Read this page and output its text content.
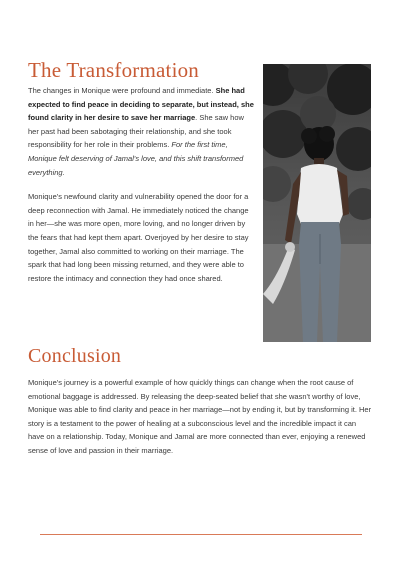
The Transformation

The changes in Monique were profound and immediate. She had expected to find peace in deciding to separate, but instead, she found clarity in her desire to save her marriage. She saw how her past had been sabotaging their relationship, and she took responsibility for her role in their problems. For the first time, Monique felt deserving of Jamal's love, and this shift transformed everything.

Monique's newfound clarity and vulnerability opened the door for a deep reconnection with Jamal. He immediately noticed the change in her—she was more open, more loving, and no longer driven by the fears that had kept them apart. Overjoyed by her desire to stay together, Jamal also committed to working on their marriage. The spark that had long been missing returned, and they were able to restore the intimacy and connection they had once shared.

Conclusion

Monique's journey is a powerful example of how quickly things can change when the root cause of emotional baggage is addressed. By releasing the deep-seated belief that she wasn't worthy of love, Monique was able to find clarity and peace in her marriage—not by ending it, but by transforming it. Her story is a testament to the power of healing at a subconscious level and the incredible impact it can have on a relationship. Today, Monique and Jamal are more connected than ever, enjoying a renewed sense of love and passion in their marriage.
